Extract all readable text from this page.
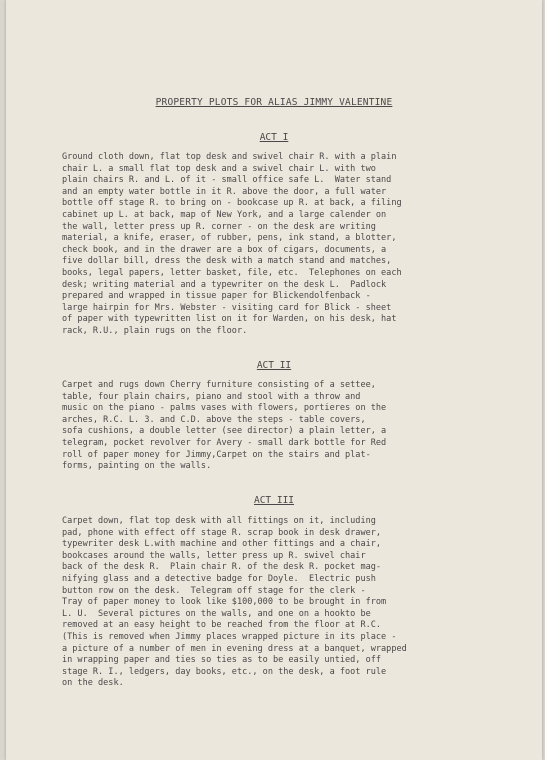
PROPERTY PLOTS FOR ALIAS JIMMY VALENTINE
ACT I
Ground cloth down, flat top desk and swivel chair R. with a plain
chair L. a small flat top desk and a swivel chair L. with two
plain chairs R. and L. of it - small office safe L.  Water stand
and an empty water bottle in it R. above the door, a full water
bottle off stage R. to bring on - bookcase up R. at back, a filing
cabinet up L. at back, map of New York, and a large calender on
the wall, letter press up R. corner - on the desk are writing
material, a knife, eraser, of rubber, pens, ink stand, a blotter,
check book, and in the drawer are a box of cigars, documents, a
five dollar bill, dress the desk with a match stand and matches,
books, legal papers, letter basket, file, etc.  Telephones on each
desk; writing material and a typewriter on the desk L.  Padlock
prepared and wrapped in tissue paper for Blickendolfenback -
large hairpin for Mrs. Webster - visiting card for Blick - sheet
of paper with typewritten list on it for Warden, on his desk, hat
rack, R.U., plain rugs on the floor.
ACT II
Carpet and rugs down Cherry furniture consisting of a settee,
table, four plain chairs, piano and stool with a throw and
music on the piano - palms vases with flowers, portieres on the
arches, R.C. L. 3. and C.D. above the steps - table covers,
sofa cushions, a double letter (see director) a plain letter, a
telegram, pocket revolver for Avery - small dark bottle for Red
roll of paper money for Jimmy,Carpet on the stairs and plat-
forms, painting on the walls.
ACT III
Carpet down, flat top desk with all fittings on it, including
pad, phone with effect off stage R. scrap book in desk drawer,
typewriter desk L.with machine and other fittings and a chair,
bookcases around the walls, letter press up R. swivel chair
back of the desk R.  Plain chair R. of the desk R. pocket mag-
nifying glass and a detective badge for Doyle.  Electric push
button row on the desk.  Telegram off stage for the clerk -
Tray of paper money to look like $100,000 to be brought in from
L. U.  Several pictures on the walls, and one on a hookto be
removed at an easy height to be reached from the floor at R.C.
(This is removed when Jimmy places wrapped picture in its place -
a picture of a number of men in evening dress at a banquet, wrapped
in wrapping paper and ties so ties as to be easily untied, off
stage R. I., ledgers, day books, etc., on the desk, a foot rule
on the desk.
